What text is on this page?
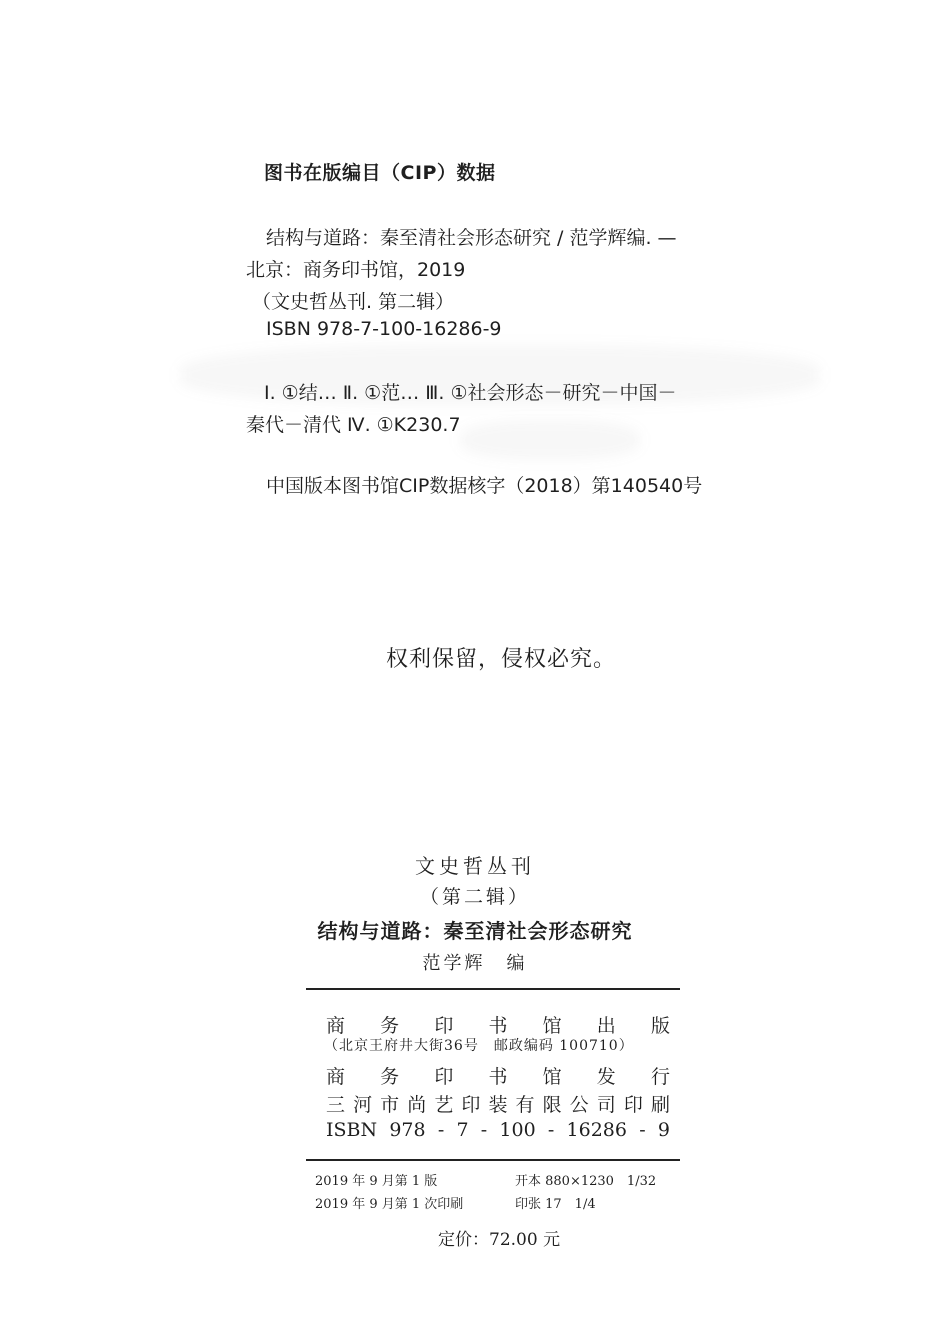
图书在版编目（CIP）数据
结构与道路：秦至清社会形态研究 / 范学辉编. —
北京：商务印书馆，2019
（文史哲丛刊. 第二辑）
ISBN 978-7-100-16286-9
Ⅰ. ①结… Ⅱ. ①范… Ⅲ. ①社会形态－研究－中国－
秦代－清代 Ⅳ. ①K230.7
中国版本图书馆CIP数据核字（2018）第140540号
权利保留，侵权必究。
文史哲丛刊
（第二辑）
结构与道路：秦至清社会形态研究
范学辉　编
商 务 印 书 馆 出 版
（北京王府井大街36号　邮政编码 100710）
商 务 印 书 馆 发 行
三 河 市 尚 艺 印 装 有 限 公 司 印 刷
ISBN 978 - 7 - 100 - 16286 - 9
2019 年 9 月第 1 版
2019 年 9 月第 1 次印刷
开本 880×1230　1/32
印张 17　1/4
定价：72.00 元
